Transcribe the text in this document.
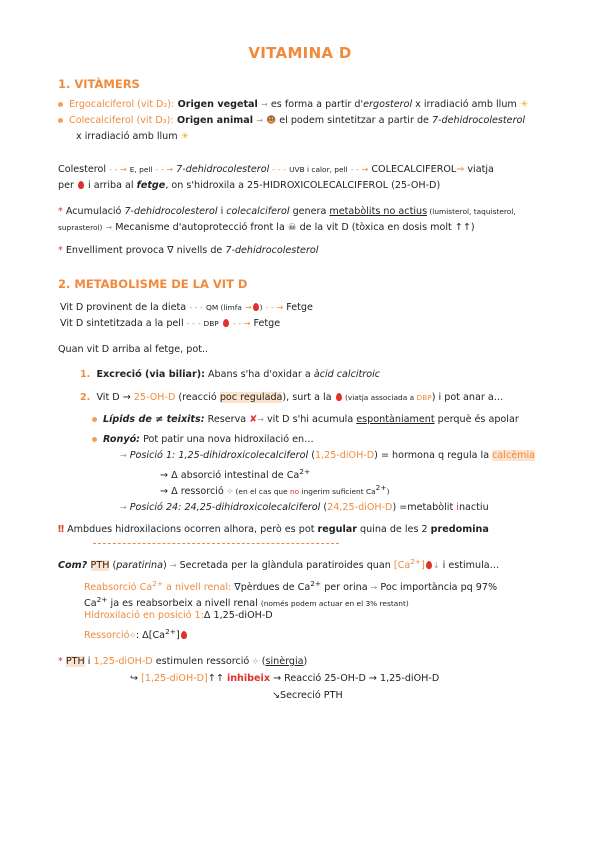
VITAMINA D
1. VITÀMERS
Ergocalciferol (vit D₂): Origen vegetal → es forma a partir d'ergosterol x irradiació amb llum ☀
Colecalciferol (vit D₃): Origen animal → ☻ el podem sintetitzar a partir de 7-dehidrocolesterol
x irradiació amb llum ☀
Colesterol - - → E, pell - - → 7-dehidrocolesterol - - - UVB i calor, pell - - → COLECALCIFEROL⇒ viatja
per  i arriba al fetge, on s'hidroxila a 25-HIDROXICOLECALCIFEROL (25-OH-D)
* Acumulació 7-dehidrocolesterol i colecalciferol genera metabòlits no actius (lumisterol, taquisterol,
suprasterol) → Mecanisme d'autoprotecció front la ☠ de la vit D (tòxica en dosis molt ↑↑)
* Envelliment provoca ∇ nivells de 7-dehidrocolesterol
2. METABOLISME DE LA VIT D
Vit D provinent de la dieta - - - QM (limfa → ) - - → Fetge
Vit D sintetitzada a la pell - - - DBP - - → Fetge
Quan vit D arriba al fetge, pot..
1. Excreció (via biliar): Abans s'ha d'oxidar a àcid calcitroic
2. Vit D → 25-OH-D (reacció poc regulada), surt a la  (viatja associada a DBP) i pot anar a…
Lípids de ≠ teixits: Reserva ✘→ vit D s'hi acumula espontàniament perquè és apolar
Ronyó: Pot patir una nova hidroxilació en…
→ Posició 1: 1,25-dihidroxicolecalciferol (1,25-diOH-D) = hormona q regula la calcèmia
→ Δ absorció intestinal de $Ca^{2+}$
→ Δ ressorció ⟡ (en el cas que no ingerim suficient $Ca^{2+}$)
→ Posició 24: 24,25-dihidroxicolecalciferol (24,25-diOH-D) =metabòlit inactiu
‼ Ambdues hidroxilacions ocorren alhora, però es pot regular quina de les 2 predomina
Com? PTH (paratirina) → Secretada per la glàndula paratiroides quan $[Ca^{2+}]$ ↓ i estimula…
Reabsorció $Ca^{2+}$ a nivell renal: ∇pèrdues de $Ca^{2+}$ per orina → Poc importància pq 97%
$Ca^{2+}$ ja es reabsorbeix a nivell renal (només podem actuar en el 3% restant)
Hidroxilació en posició 1:Δ 1,25-diOH-D
Ressorció⟡: $\Delta[Ca^{2+}]$
* PTH i 1,25-diOH-D estimulen ressorció ⟡ (sinèrgia)
↪ [1,25-diOH-D]↑↑ inhibeix → Reacció 25-OH-D → 1,25-diOH-D
↘Secreció PTH
